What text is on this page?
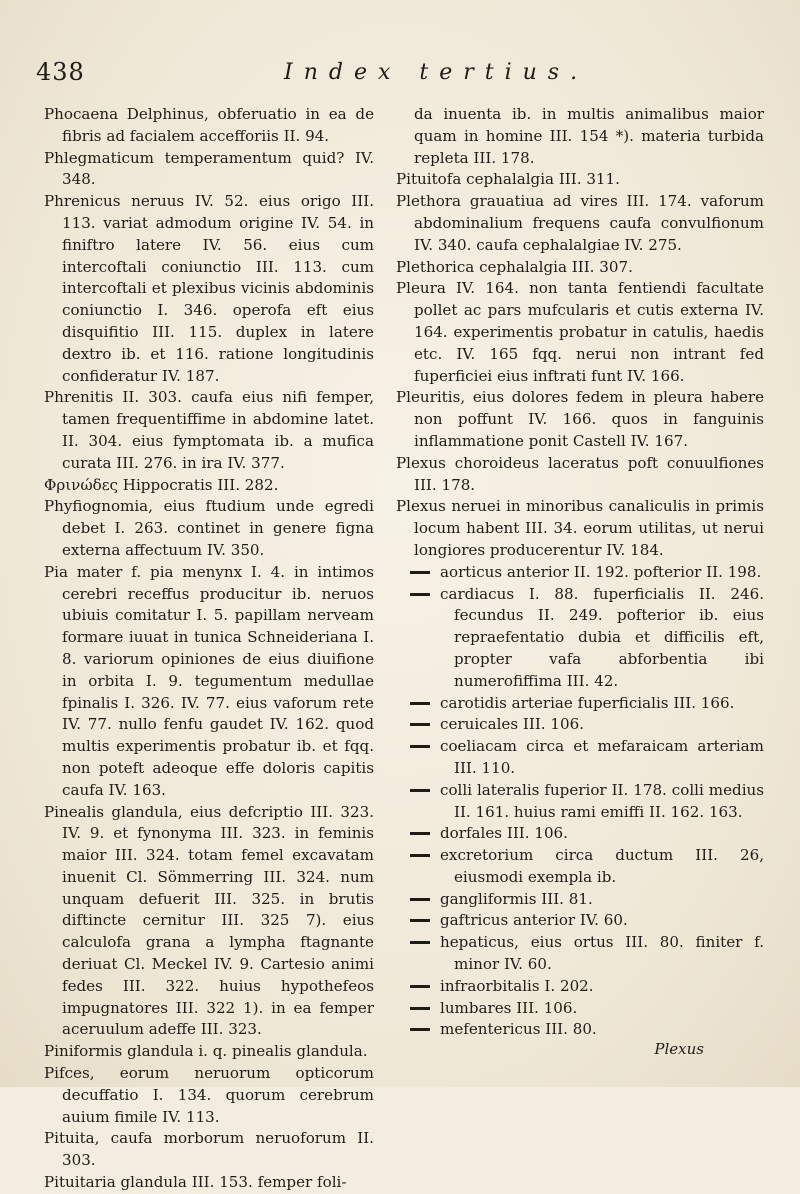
438	Index tertius.

Phocaena Delphinus, obferuatio in ea de fibris ad facialem accefforiis II. 94.

Phlegmaticum temperamentum quid? IV. 348.

Phrenicus neruus IV. 52. eius origo III. 113. variat admodum origine IV. 54. in finiftro latere IV. 56. eius cum intercoftali coniunctio III. 113. cum intercoftali et plexibus vicinis abdominis coniunctio I. 346. operofa eft eius disquifitio III. 115. duplex in latere dextro ib. et 116. ratione longitudinis confideratur IV. 187.

Phrenitis II. 303. caufa eius nifi femper, tamen frequentiffime in abdomine latet. II. 304. eius fymptomata ib. a mufica curata III. 276. in ira IV. 377.

Φρινώδες Hippocratis III. 282.

Phyfiognomia, eius ftudium unde egredi debet I. 263. continet in genere figna externa affectuum IV. 350.

Pia mater f. pia menynx I. 4. in intimos cerebri receffus producitur ib. neruos ubiuis comitatur I. 5. papillam nerveam formare iuuat in tunica Schneideriana I. 8. variorum opiniones de eius diuifione in orbita I. 9. tegumentum medullae fpinalis I. 326. IV. 77. eius vaforum rete IV. 77. nullo fenfu gaudet IV. 162. quod multis experimentis probatur ib. et fqq. non poteft adeoque effe doloris capitis caufa IV. 163.

Pinealis glandula, eius defcriptio III. 323. IV. 9. et fynonyma III. 323. in feminis maior III. 324. totam femel excavatam inuenit Cl. Sömmerring III. 324. num unquam defuerit III. 325. in brutis diftincte cernitur III. 325 7). eius calculofa grana a lympha ftagnante deriuat Cl. Meckel IV. 9. Cartesio animi fedes III. 322. huius hypothefeos impugnatores III. 322 1). in ea femper aceruulum adeffe III. 323.

Piniformis glandula i. q. pinealis glandula.

Pifces, eorum neruorum opticorum decuffatio I. 134. quorum cerebrum auium fimile IV. 113.

Pituita, caufa morborum neruoforum II. 303.

Pituitaria glandula III. 153. femper foli-

da inuenta ib. in multis animalibus maior quam in homine III. 154 *). materia turbida repleta III. 178.

Pituitofa cephalalgia III. 311.

Plethora grauatiua ad vires III. 174. vaforum abdominalium frequens caufa convulfionum IV. 340. caufa cephalalgiae IV. 275.

Plethorica cephalalgia III. 307.

Pleura IV. 164. non tanta fentiendi facultate pollet ac pars mufcularis et cutis externa IV. 164. experimentis probatur in catulis, haedis etc. IV. 165 fqq. nerui non intrant fed fuperficiei eius inftrati funt IV. 166.

Pleuritis, eius dolores fedem in pleura habere non poffunt IV. 166. quos in fanguinis inflammatione ponit Castell IV. 167.

Plexus choroideus laceratus poft conuulfiones III. 178.

Plexus neruei in minoribus canaliculis in primis locum habent III. 34. eorum utilitas, ut nerui longiores producerentur IV. 184.

aorticus anterior II. 192. pofterior II. 198.

cardiacus I. 88. fuperficialis II. 246. fecundus II. 249. pofterior ib. eius repraefentatio dubia et difficilis eft, propter vafa abforbentia ibi numerofiffima III. 42.

carotidis arteriae fuperficialis III. 166.

ceruicales III. 106.

coeliacam circa et mefaraicam arteriam III. 110.

colli lateralis fuperior II. 178. colli medius II. 161. huius rami emiffi II. 162. 163.

dorfales III. 106.

excretorium circa ductum III. 26, eiusmodi exempla ib.

gangliformis III. 81.

gaftricus anterior IV. 60.

hepaticus, eius ortus III. 80. finiter f. minor IV. 60.

infraorbitalis I. 202.

lumbares III. 106.

mefentericus III. 80.

Plexus
